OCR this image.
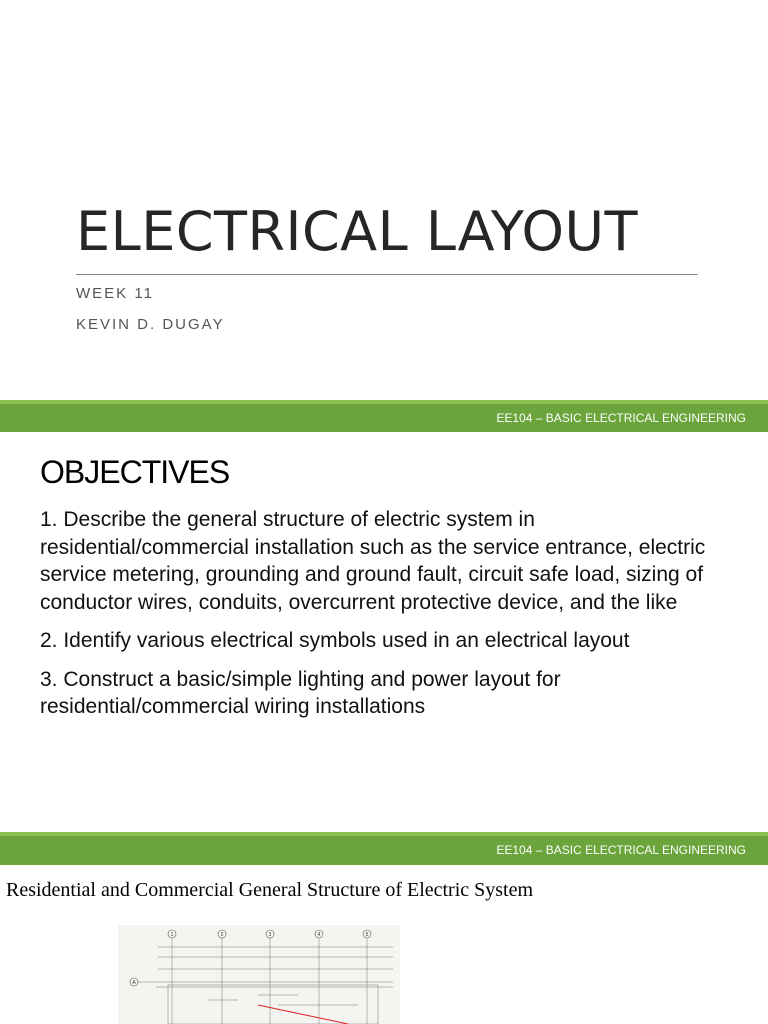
ELECTRICAL LAYOUT
WEEK 11
KEVIN D. DUGAY
EE104 – BASIC ELECTRICAL ENGINEERING
OBJECTIVES
1. Describe the general structure of electric system in residential/commercial installation such as the service entrance, electric service metering, grounding and ground fault, circuit safe load, sizing of conductor wires, conduits, overcurrent protective device, and the like
2. Identify various electrical symbols used in an electrical layout
3. Construct a basic/simple lighting and power layout for residential/commercial wiring installations
EE104 – BASIC ELECTRICAL ENGINEERING
Residential and Commercial General Structure of Electric System
1	2	3	4	5
A
